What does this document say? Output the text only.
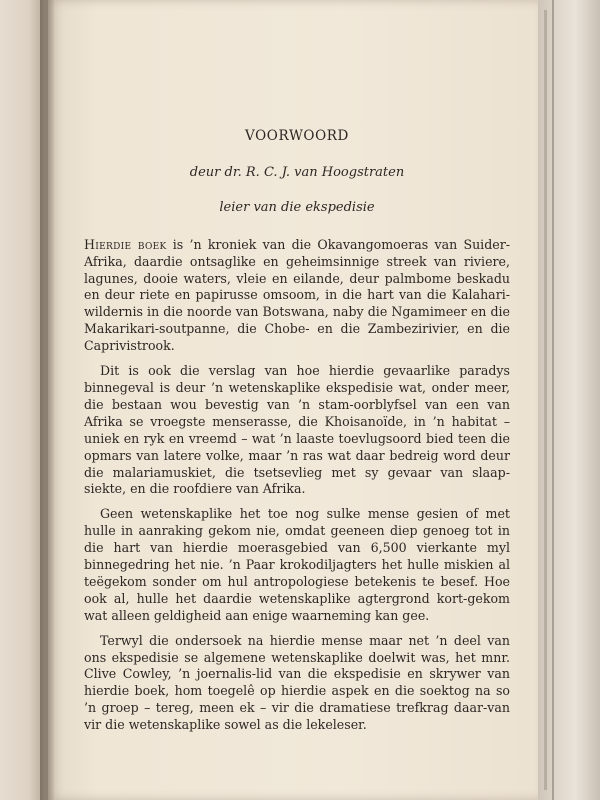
VOORWOORD
deur dr. R. C. J. van Hoogstraten
leier van die ekspedisie

Hierdie boek is ’n kroniek van die Okavangomoeras van Suider-Afrika, daardie ontsaglike en geheimsinnige streek van riviere, lagunes, dooie waters, vleie en eilande, deur palmbome beskadu en deur riete en papirusse omsoom, in die hart van die Kalahari-wildernis in die noorde van Botswana, naby die Ngamimeer en die Makarikari-soutpanne, die Chobe- en die Zambezirivier, en die Caprivistrook.

Dit is ook die verslag van hoe hierdie gevaarlike paradys binnegeval is deur ’n wetenskaplike ekspedisie wat, onder meer, die bestaan wou bevestig van ’n stam-oorblyfsel van een van Afrika se vroegste menserasse, die Khoisanoïde, in ’n habitat – uniek en ryk en vreemd – wat ’n laaste toevlugsoord bied teen die opmars van latere volke, maar ’n ras wat daar bedreig word deur die malariamuskiet, die tsetsevlieg met sy gevaar van slaap-siekte, en die roofdiere van Afrika.

Geen wetenskaplike het toe nog sulke mense gesien of met hulle in aanraking gekom nie, omdat geeneen diep genoeg tot in die hart van hierdie moerasgebied van 6,500 vierkante myl binnegedring het nie. ’n Paar krokodiljagters het hulle miskien al teëgekom sonder om hul antropologiese betekenis te besef. Hoe ook al, hulle het daardie wetenskaplike agtergrond kort-gekom wat alleen geldigheid aan enige waarneming kan gee.

Terwyl die ondersoek na hierdie mense maar net ’n deel van ons ekspedisie se algemene wetenskaplike doelwit was, het mnr. Clive Cowley, ’n joernalis-lid van die ekspedisie en skrywer van hierdie boek, hom toegelê op hierdie aspek en die soektog na so ’n groep – tereg, meen ek – vir die dramatiese trefkrag daar-van vir die wetenskaplike sowel as die lekeleser.
